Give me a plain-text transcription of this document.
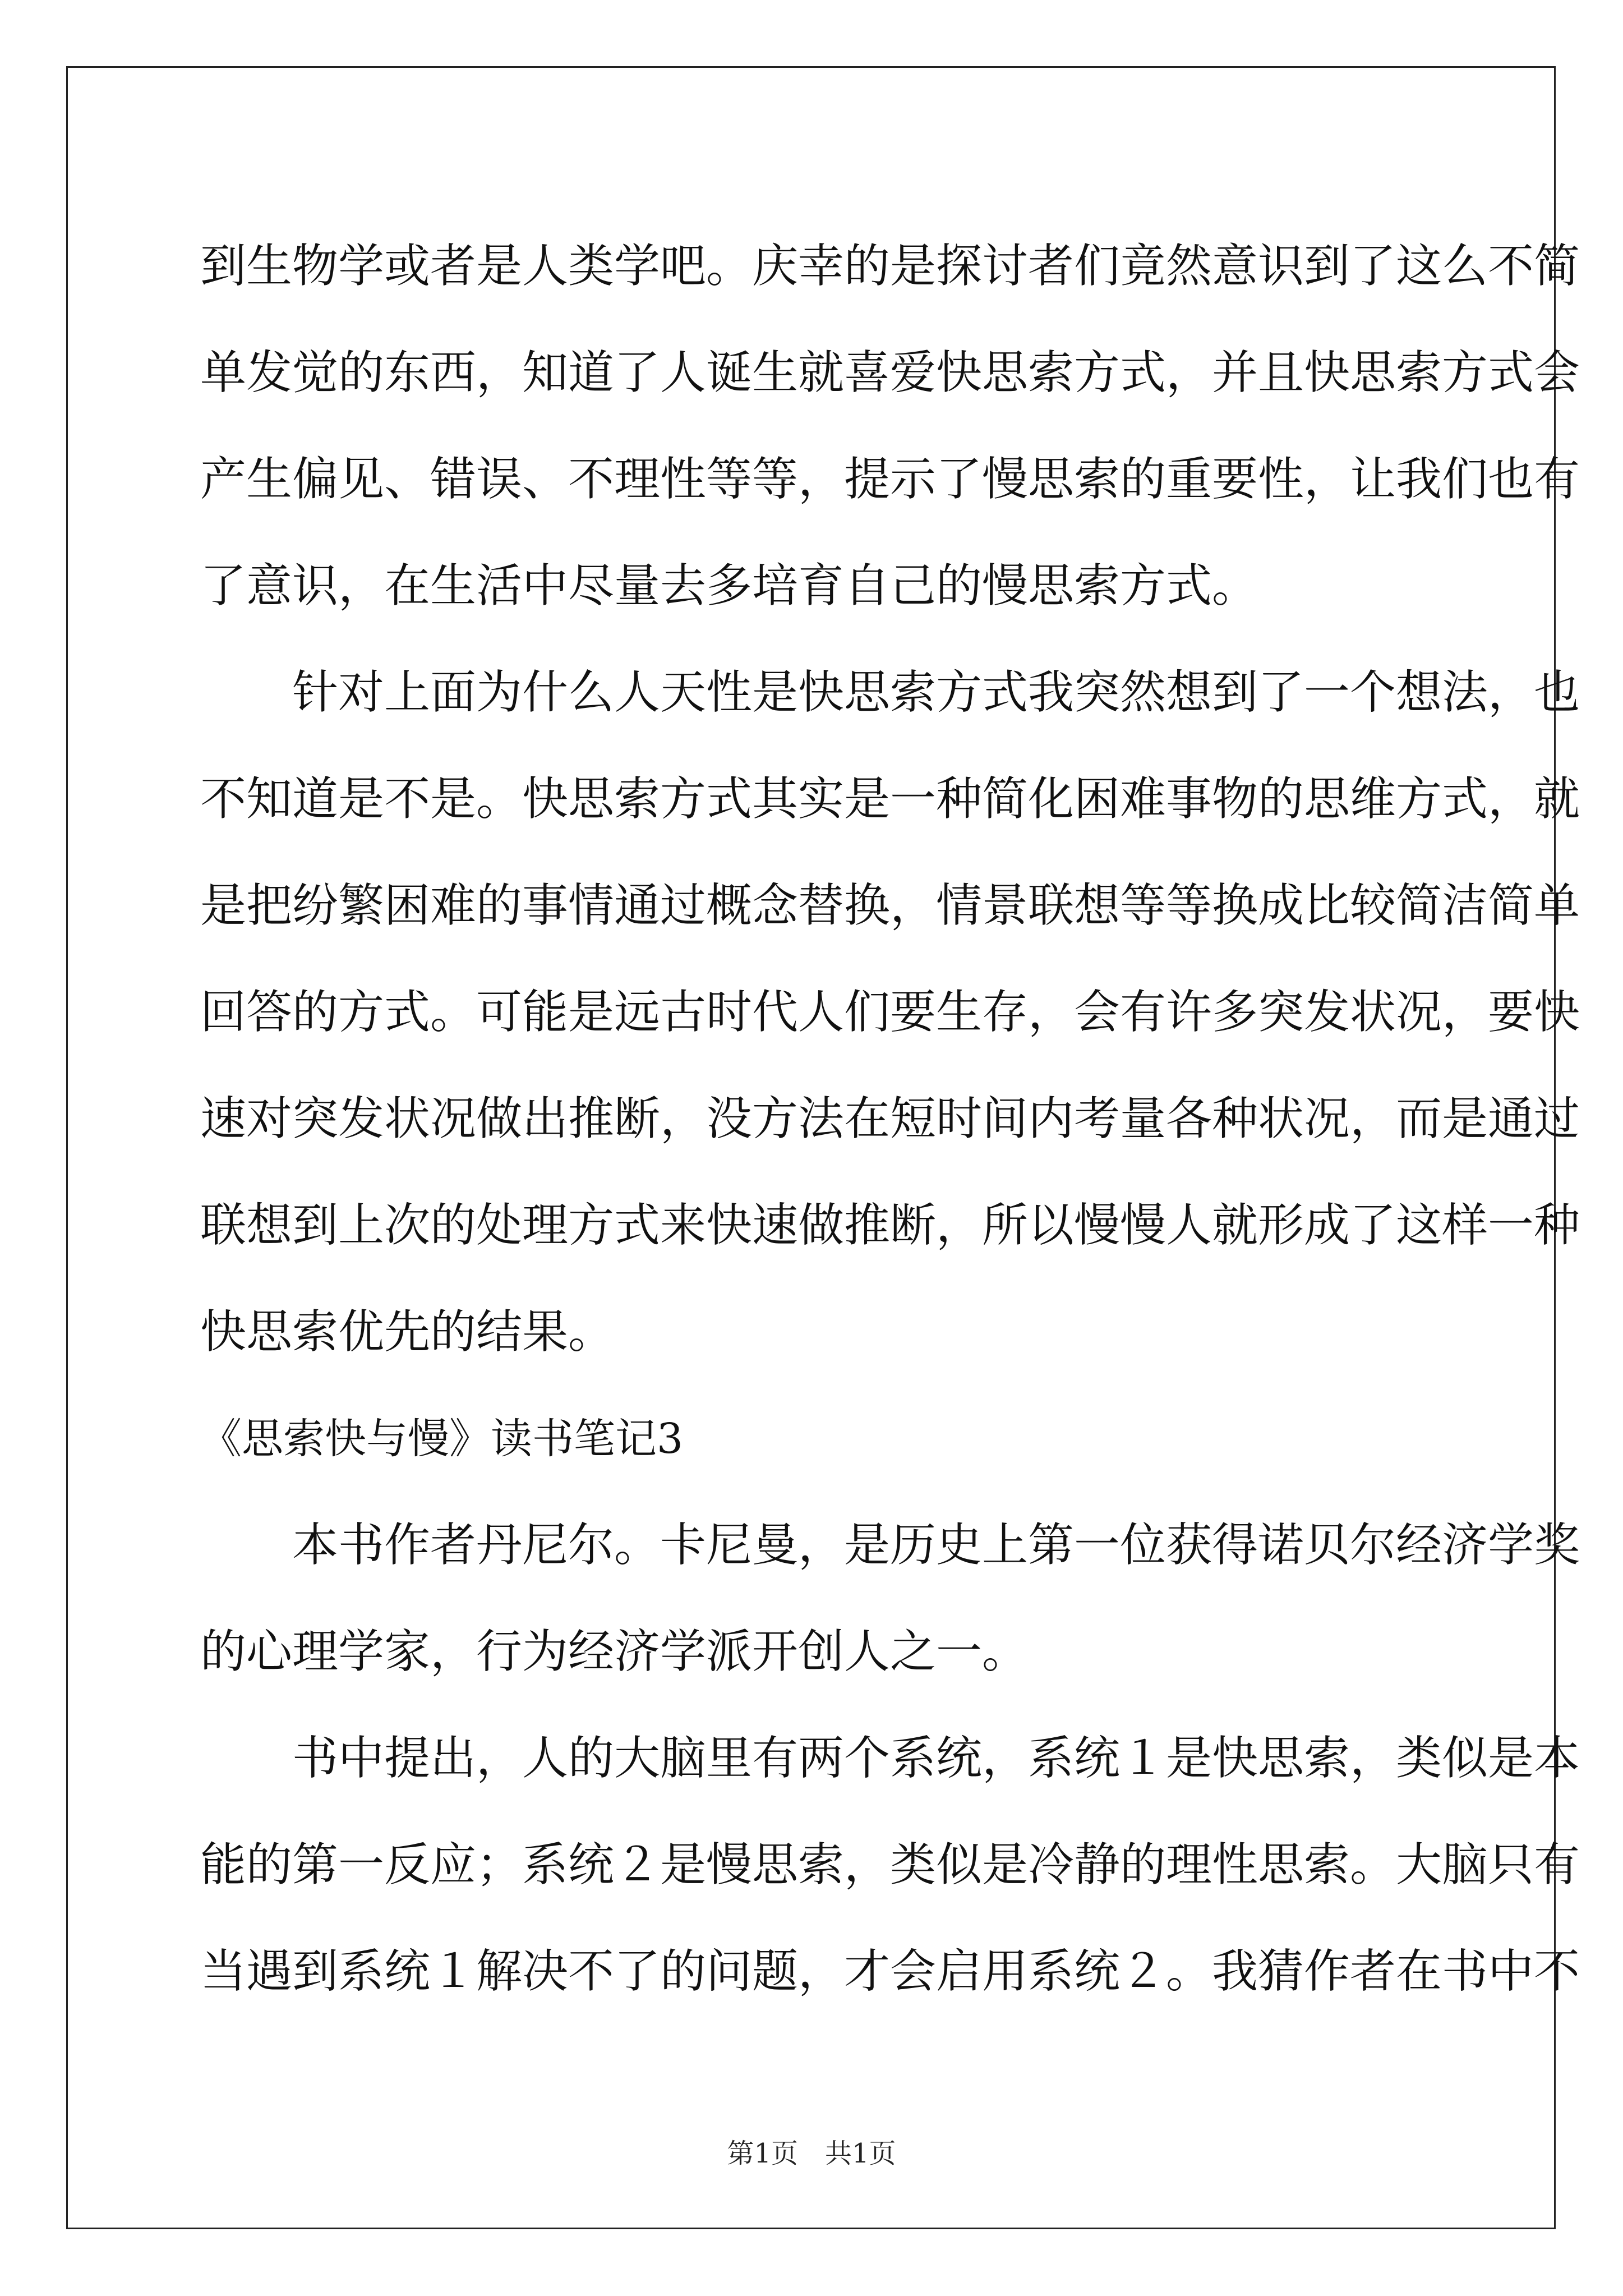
到生物学或者是人类学吧。庆幸的是探讨者们竟然意识到了这么不简
单发觉的东西，知道了人诞生就喜爱快思索方式，并且快思索方式会
产生偏见、错误、不理性等等，提示了慢思索的重要性，让我们也有
了意识，在生活中尽量去多培育自己的慢思索方式。
　　针对上面为什么人天性是快思索方式我突然想到了一个想法，也
不知道是不是。快思索方式其实是一种简化困难事物的思维方式，就
是把纷繁困难的事情通过概念替换，情景联想等等换成比较简洁简单
回答的方式。可能是远古时代人们要生存，会有许多突发状况，要快
速对突发状况做出推断，没方法在短时间内考量各种状况，而是通过
联想到上次的处理方式来快速做推断，所以慢慢人就形成了这样一种
快思索优先的结果。
《思索快与慢》读书笔记3
　　本书作者丹尼尔。卡尼曼，是历史上第一位获得诺贝尔经济学奖
的心理学家，行为经济学派开创人之一。
　　书中提出，人的大脑里有两个系统，系统１是快思索，类似是本
能的第一反应；系统２是慢思索，类似是冷静的理性思索。大脑只有
当遇到系统１解决不了的问题，才会启用系统２。我猜作者在书中不
第1页　共1页
